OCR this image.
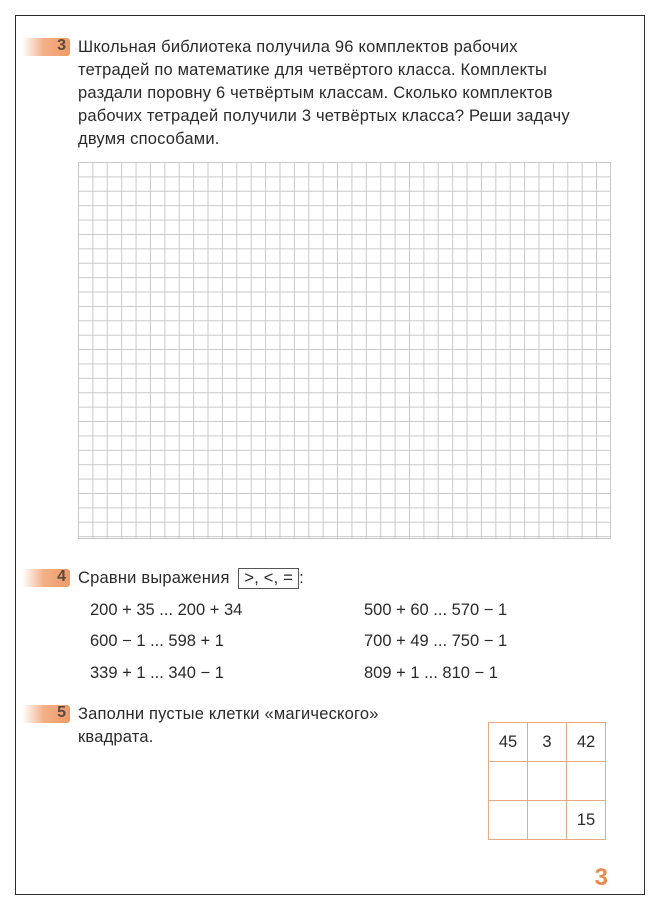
3 Школьная библиотека получила 96 комплектов рабочих
тетрадей по математике для четвёртого класса. Комплекты
раздали поровну 6 четвёртым классам. Сколько комплектов
рабочих тетрадей получили 3 четвёртых класса? Реши задачу
двумя способами.
4 Сравни выражения >, <, = :
200 + 35 ... 200 + 34
600 − 1 ... 598 + 1
339 + 1 ... 340 − 1
500 + 60 ... 570 − 1
700 + 49 ... 750 − 1
809 + 1 ... 810 − 1
5 Заполни пустые клетки «магического»
квадрата.	45	3	42

		15
3
